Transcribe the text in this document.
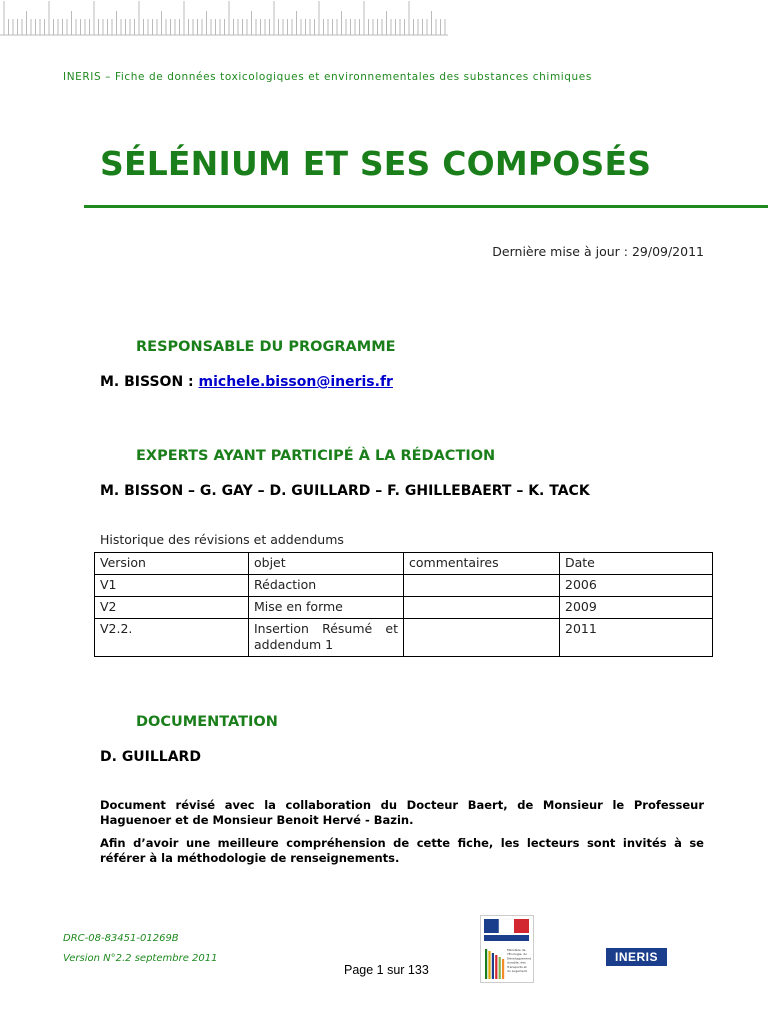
INERIS – Fiche de données toxicologiques et environnementales des substances chimiques
SÉLÉNIUM ET SES COMPOSÉS
Dernière mise à jour : 29/09/2011
RESPONSABLE DU PROGRAMME
M. BISSON : michele.bisson@ineris.fr
EXPERTS AYANT PARTICIPÉ À LA RÉDACTION
M. BISSON – G. GAY – D. GUILLARD – F. GHILLEBAERT – K. TACK
Historique des révisions et addendums
Version	objet	commentaires	Date
V1	Rédaction		2006
V2	Mise en forme		2009
V2.2.	Insertion Résumé et addendum 1		2011
DOCUMENTATION
D. GUILLARD
Document révisé avec la collaboration du Docteur Baert, de Monsieur le Professeur Haguenoer et de Monsieur Benoit Hervé - Bazin.
Afin d’avoir une meilleure compréhension de cette fiche, les lecteurs sont invités à se référer à la méthodologie de renseignements.
DRC-08-83451-01269B
Version N°2.2 septembre 2011
Page 1 sur 133
Ministère de l'Écologie, du Développement durable, des Transports et du Logement
INERIS
